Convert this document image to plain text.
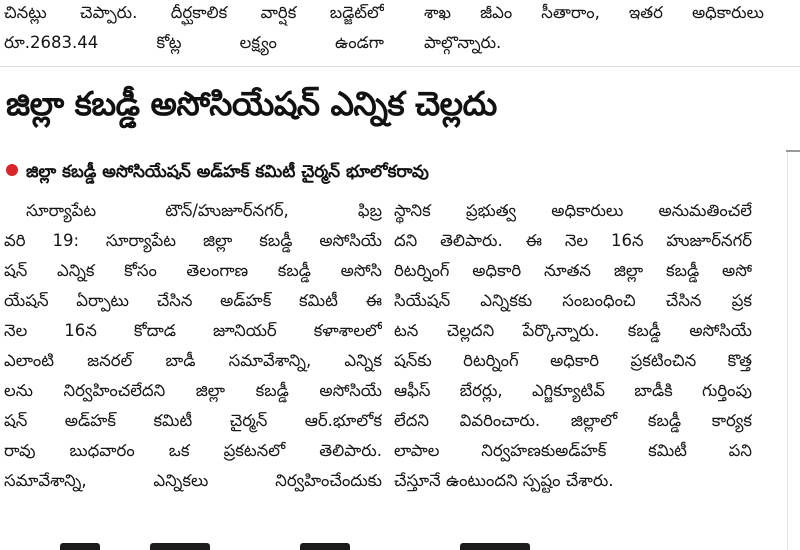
చినట్లు చెప్పారు. దీర్ఘకాలిక వార్షిక బడ్జెట్‌లో
రూ.2683.44 కోట్ల లక్ష్యం ఉండగా
శాఖ జీఎం సీతారాం, ఇతర అధికారులు
పాల్గొన్నారు.
జిల్లా కబడ్డీ అసోసియేషన్ ఎన్నిక చెల్లదు
జిల్లా కబడ్డీ అసోసియేషన్ అడ్‌హక్ కమిటీ చైర్మన్ భూలోకరావు
సూర్యాపేట టౌన్/హుజూర్‌నగర్, ఫిబ్ర
వరి 19: సూర్యాపేట జిల్లా కబడ్డీ అసోసియే
షన్ ఎన్నిక కోసం తెలంగాణ కబడ్డీ అసోసి
యేషన్ ఏర్పాటు చేసిన అడ్‌హక్ కమిటీ ఈ
నెల 16న కోదాడ జూనియర్ కళాశాలలో
ఎలాంటి జనరల్ బాడీ సమావేశాన్ని, ఎన్నిక
లను నిర్వహించలేదని జిల్లా కబడ్డీ అసోసియే
షన్ అడ్‌హక్ కమిటీ చైర్మన్ ఆర్.భూలోక
రావు బుధవారం ఒక ప్రకటనలో తెలిపారు.
సమావేశాన్ని, ఎన్నికలు నిర్వహించేందుకు
స్థానిక ప్రభుత్వ అధికారులు అనుమతించలే
దని తెలిపారు. ఈ నెల 16న హుజూర్‌నగర్
రిటర్నింగ్ అధికారి నూతన జిల్లా కబడ్డీ అసో
సియేషన్ ఎన్నికకు సంబంధించి చేసిన ప్రక
టన చెల్లదని పేర్కొన్నారు. కబడ్డీ అసోసియే
షన్‌కు రిటర్నింగ్ అధికారి ప్రకటించిన కొత్త
ఆఫీస్ బేరర్లు, ఎగ్జిక్యూటివ్ బాడీకి గుర్తింపు
లేదని వివరించారు. జిల్లాలో కబడ్డీ కార్యక
లాపాల నిర్వహణకుఅడ్‌హక్ కమిటీ పని
చేస్తూనే ఉంటుందని స్పష్టం చేశారు.
